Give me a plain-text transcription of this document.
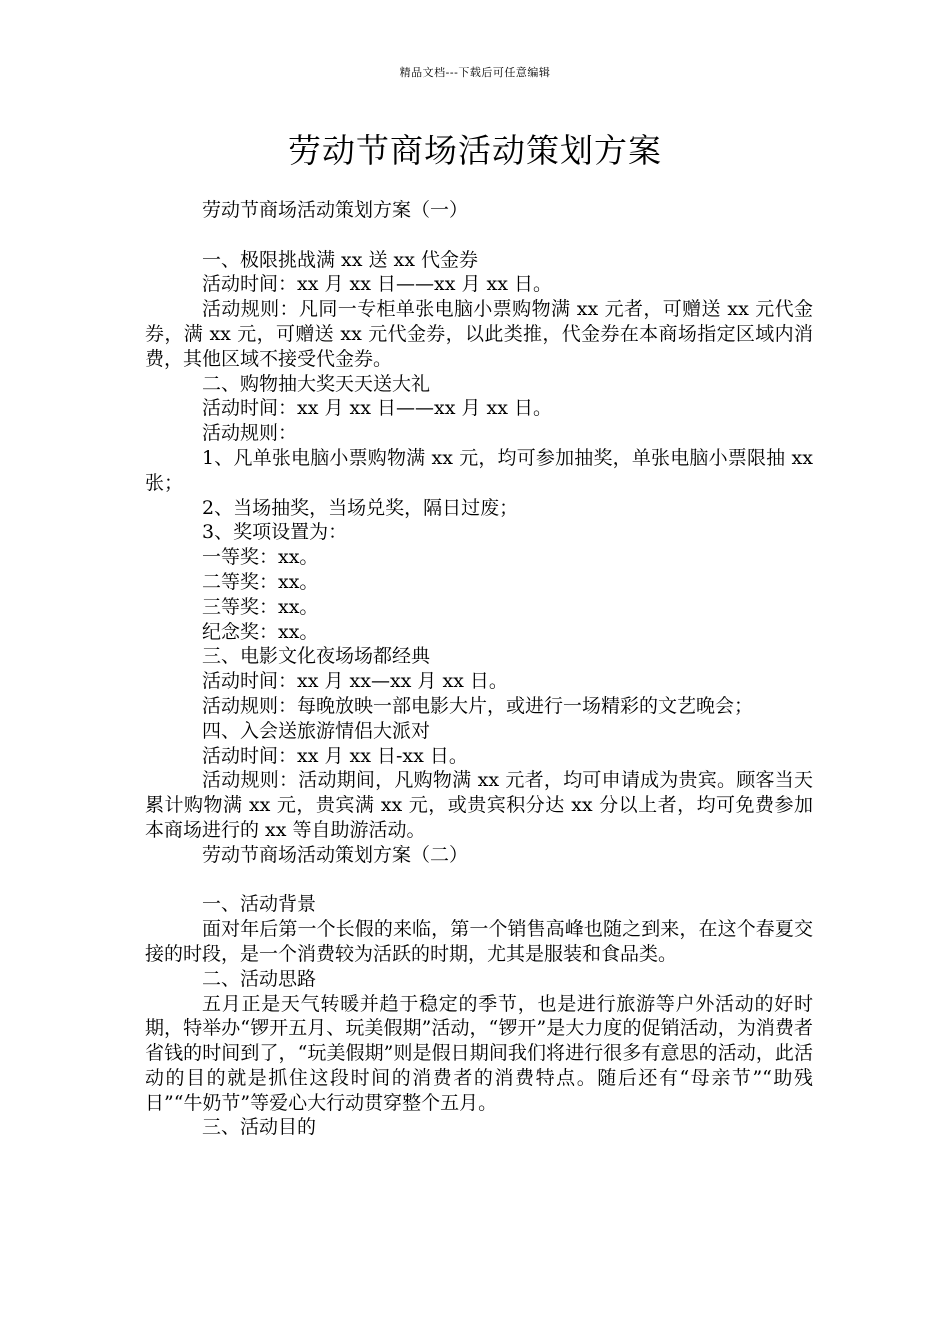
精品文档---下载后可任意编辑
劳动节商场活动策划方案

劳动节商场活动策划方案（一）

一、极限挑战满 xx 送 xx 代金券

活动时间：xx 月 xx 日——xx 月 xx 日。

活动规则：凡同一专柜单张电脑小票购物满 xx 元者，可赠送 xx 元代金券，满 xx 元，可赠送 xx 元代金券，以此类推，代金券在本商场指定区域内消费，其他区域不接受代金券。

二、购物抽大奖天天送大礼

活动时间：xx 月 xx 日——xx 月 xx 日。

活动规则：

1、凡单张电脑小票购物满 xx 元，均可参加抽奖，单张电脑小票限抽 xx 张；

2、当场抽奖，当场兑奖，隔日过废；

3、奖项设置为：

一等奖：xx。

二等奖：xx。

三等奖：xx。

纪念奖：xx。

三、电影文化夜场场都经典

活动时间：xx 月 xx—xx 月 xx 日。

活动规则：每晚放映一部电影大片，或进行一场精彩的文艺晚会；

四、入会送旅游情侣大派对

活动时间：xx 月 xx 日-xx 日。

活动规则：活动期间，凡购物满 xx 元者，均可申请成为贵宾。顾客当天累计购物满 xx 元，贵宾满 xx 元，或贵宾积分达 xx 分以上者，均可免费参加本商场进行的 xx 等自助游活动。

劳动节商场活动策划方案（二）

一、活动背景

面对年后第一个长假的来临，第一个销售高峰也随之到来，在这个春夏交接的时段，是一个消费较为活跃的时期，尤其是服装和食品类。

二、活动思路

五月正是天气转暖并趋于稳定的季节，也是进行旅游等户外活动的好时期，特举办“锣开五月、玩美假期”活动，“锣开”是大力度的促销活动，为消费者省钱的时间到了，“玩美假期”则是假日期间我们将进行很多有意思的活动，此活动的目的就是抓住这段时间的消费者的消费特点。随后还有“母亲节”“助残日”“牛奶节”等爱心大行动贯穿整个五月。

三、活动目的
